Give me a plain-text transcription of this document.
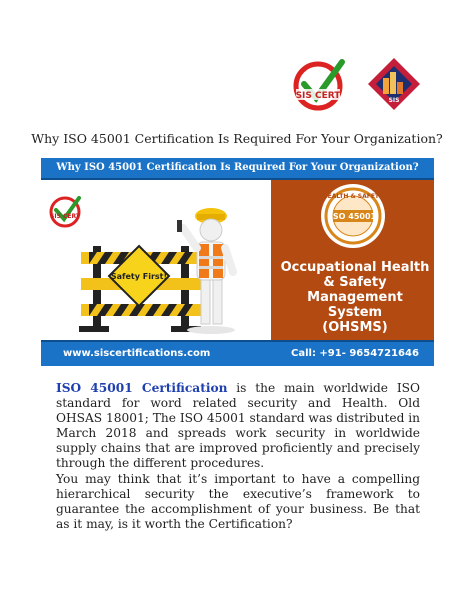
SIS CERT	SIS
Why ISO 45001 Certification Is Required For Your Organization?
Why ISO 45001 Certification Is Required For Your Organization?
SIS CERT
Safety First!
HEALTH & SAFETY
ISO 45001
Occupational Health
& Safety
Management System
(OHSMS)
www.siscertifications.com	Call: +91- 9654721646

ISO 45001 Certification is the main worldwide ISO standard for word related security and Health. Old OHSAS 18001; The ISO 45001 standard was distributed in March 2018 and spreads work security in worldwide supply chains that are improved proficiently and precisely through the different procedures.

You may think that it’s important to have a compelling hierarchical security the executive’s framework to guarantee the accomplishment of your business. Be that as it may, is it worth the Certification?
